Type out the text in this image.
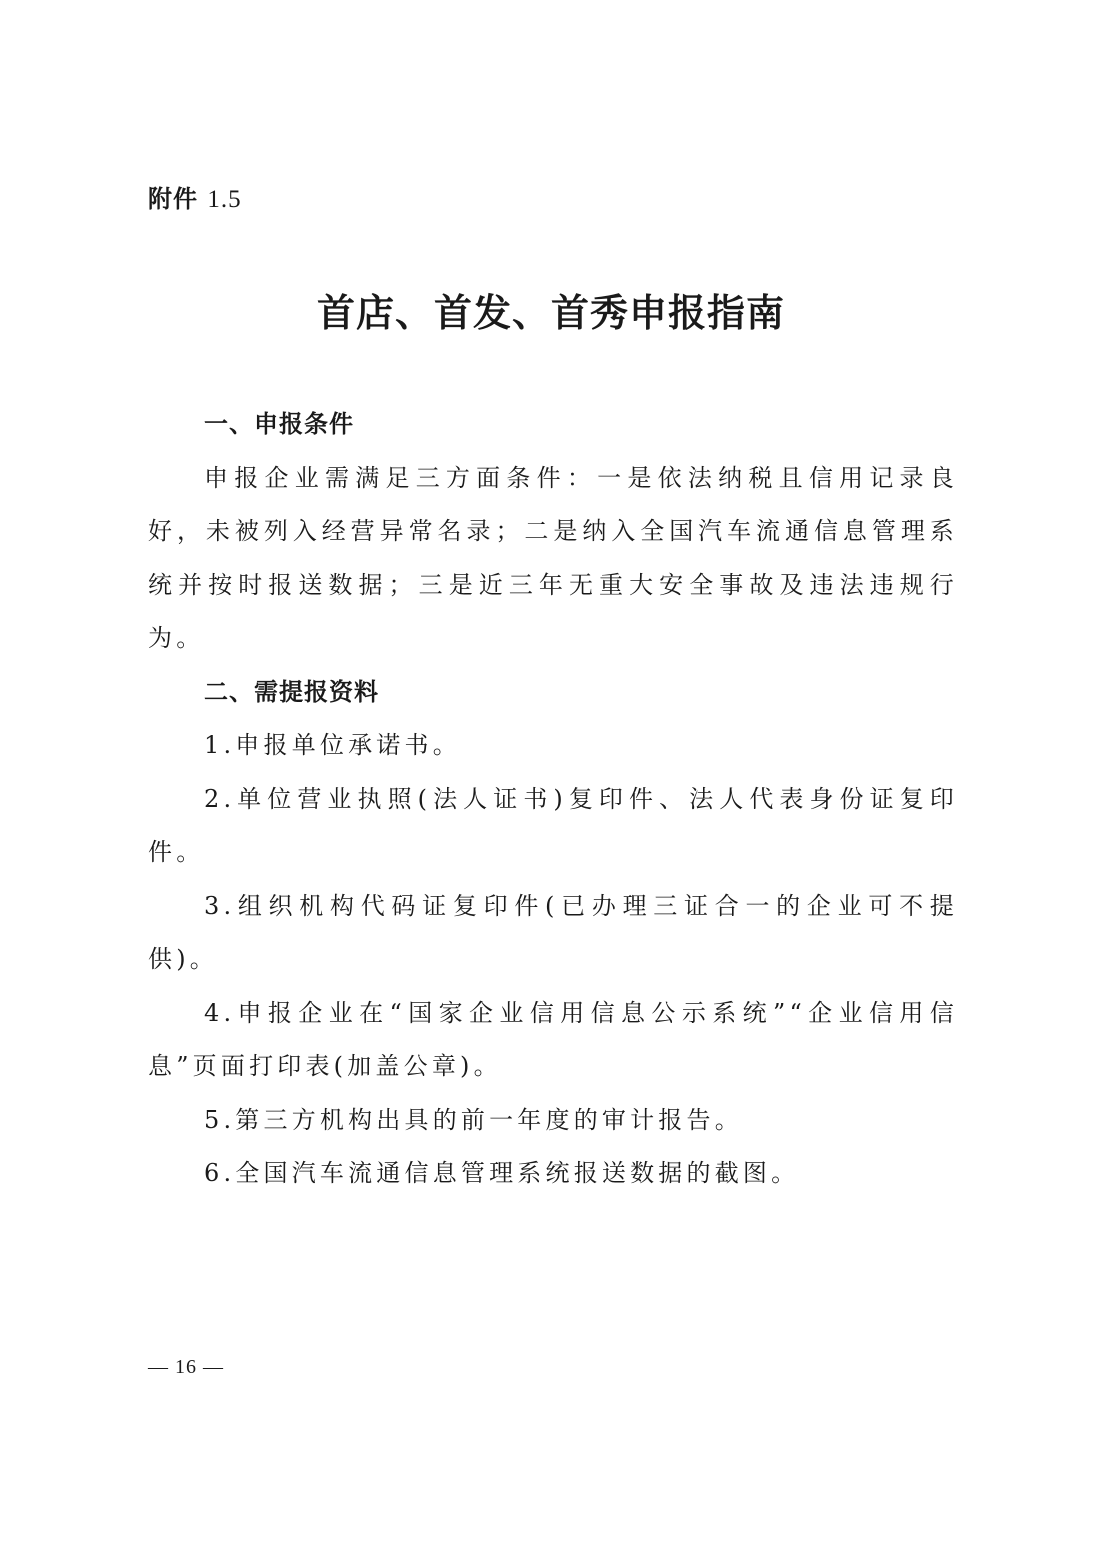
附件 1.5
首店、首发、首秀申报指南

一、申报条件

申报企业需满足三方面条件：一是依法纳税且信用记录良好，未被列入经营异常名录；二是纳入全国汽车流通信息管理系统并按时报送数据；三是近三年无重大安全事故及违法违规行为。

二、需提报资料

1.申报单位承诺书。

2.单位营业执照(法人证书)复印件、法人代表身份证复印件。

3.组织机构代码证复印件(已办理三证合一的企业可不提供)。

4.申报企业在“国家企业信用信息公示系统”“企业信用信息”页面打印表(加盖公章)。

5.第三方机构出具的前一年度的审计报告。

6.全国汽车流通信息管理系统报送数据的截图。

— 16 —
